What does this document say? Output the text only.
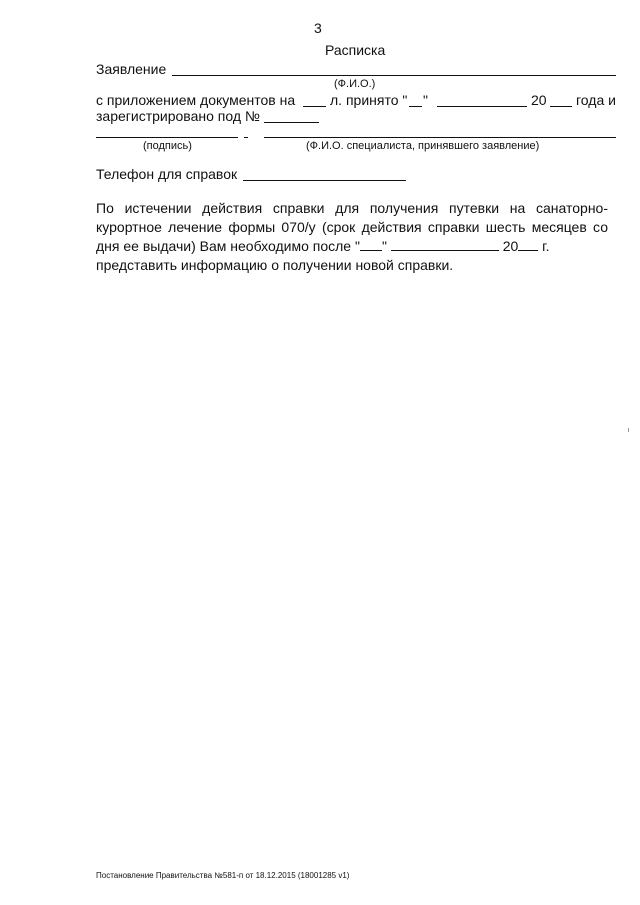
3
Расписка
Заявление
(Ф.И.О.)
с приложением документов на л. принято " "	20 года и
зарегистрировано под №
(подпись)	(Ф.И.О. специалиста, принявшего заявление)
Телефон для справок
По истечении действия справки для получения путевки на санаторно-
курортное лечение формы 070/у (срок действия справки шесть месяцев со
дня ее выдачи) Вам необходимо после " "	20 г.
представить информацию о получении новой справки.
Постановление Правительства №581-п от 18.12.2015 (18001285 v1)
